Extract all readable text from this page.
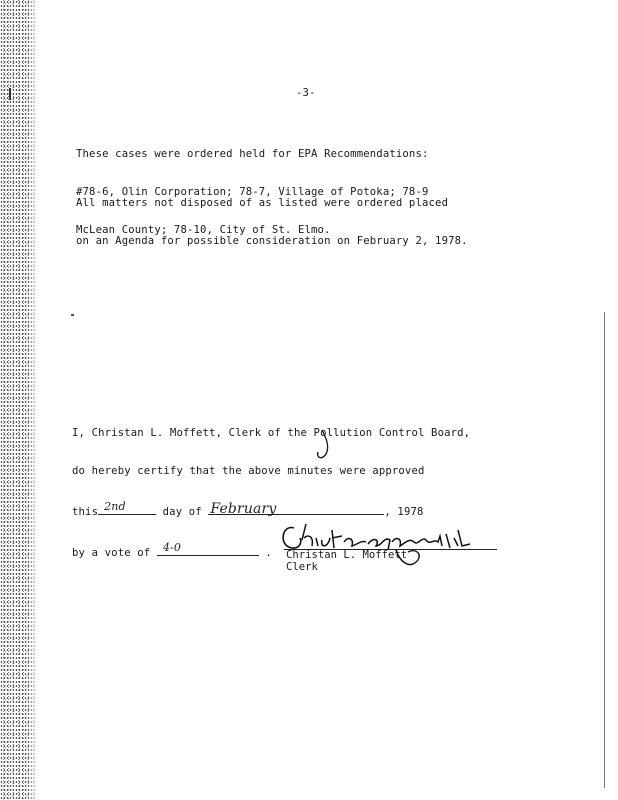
-3-

These cases were ordered held for EPA Recommendations:

#78-6, Olin Corporation; 78-7, Village of Potoka; 78-9

McLean County; 78-10, City of St. Elmo.

All matters not disposed of as listed were ordered placed

on an Agenda for possible consideration on February 2, 1978.

I, Christan L. Moffett, Clerk of the Pollution Control Board,

do hereby certify that the above minutes were approved

this 2nd	day of February	, 1978

by a vote of 4-0	.

Christan L. Moffett
Christan L. Moffett
Clerk
